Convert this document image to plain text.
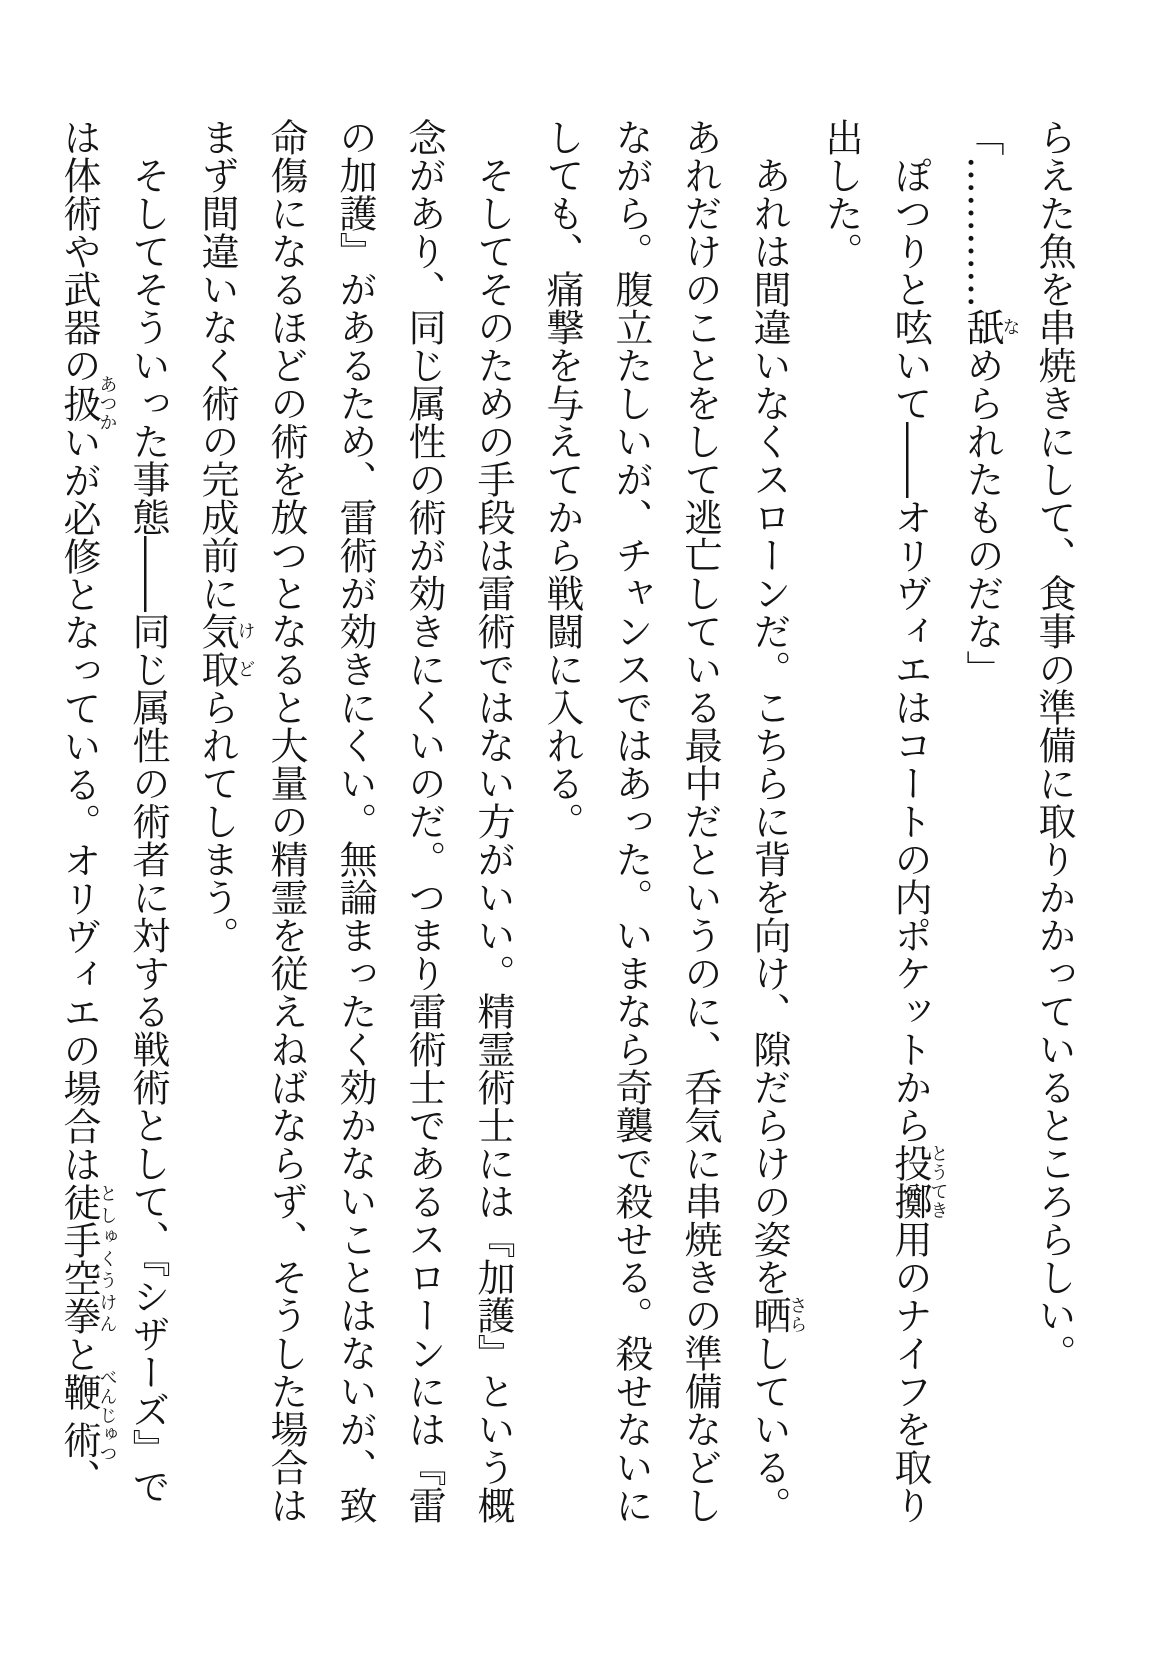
らえた魚を串焼きにして、食事の準備に取りかかっているところらしい。

「…………舐なめられたものだな」

ぽつりと呟いて――オリヴィエはコートの内ポケットから投擲とうてき用のナイフを取り出した。

あれは間違いなくスローンだ。こちらに背を向け、隙だらけの姿を晒さらしている。あれだけのことをして逃亡している最中だというのに、呑気に串焼きの準備などしながら。腹立たしいが、チャンスではあった。いまなら奇襲で殺せる。殺せないにしても、痛撃を与えてから戦闘に入れる。

そしてそのための手段は雷術ではない方がいい。精霊術士には『加護』という概念があり、同じ属性の術が効きにくいのだ。つまり雷術士であるスローンには『雷の加護』があるため、雷術が効きにくい。無論まったく効かないことはないが、致命傷になるほどの術を放つとなると大量の精霊を従えねばならず、そうした場合はまず間違いなく術の完成前に気取けどられてしまう。

そしてそういった事態――同じ属性の術者に対する戦術として、『シザーズ』では体術や武器の扱あつかいが必修となっている。オリヴィエの場合は徒手空拳としゅくうけんと鞭術べんじゅつ、
